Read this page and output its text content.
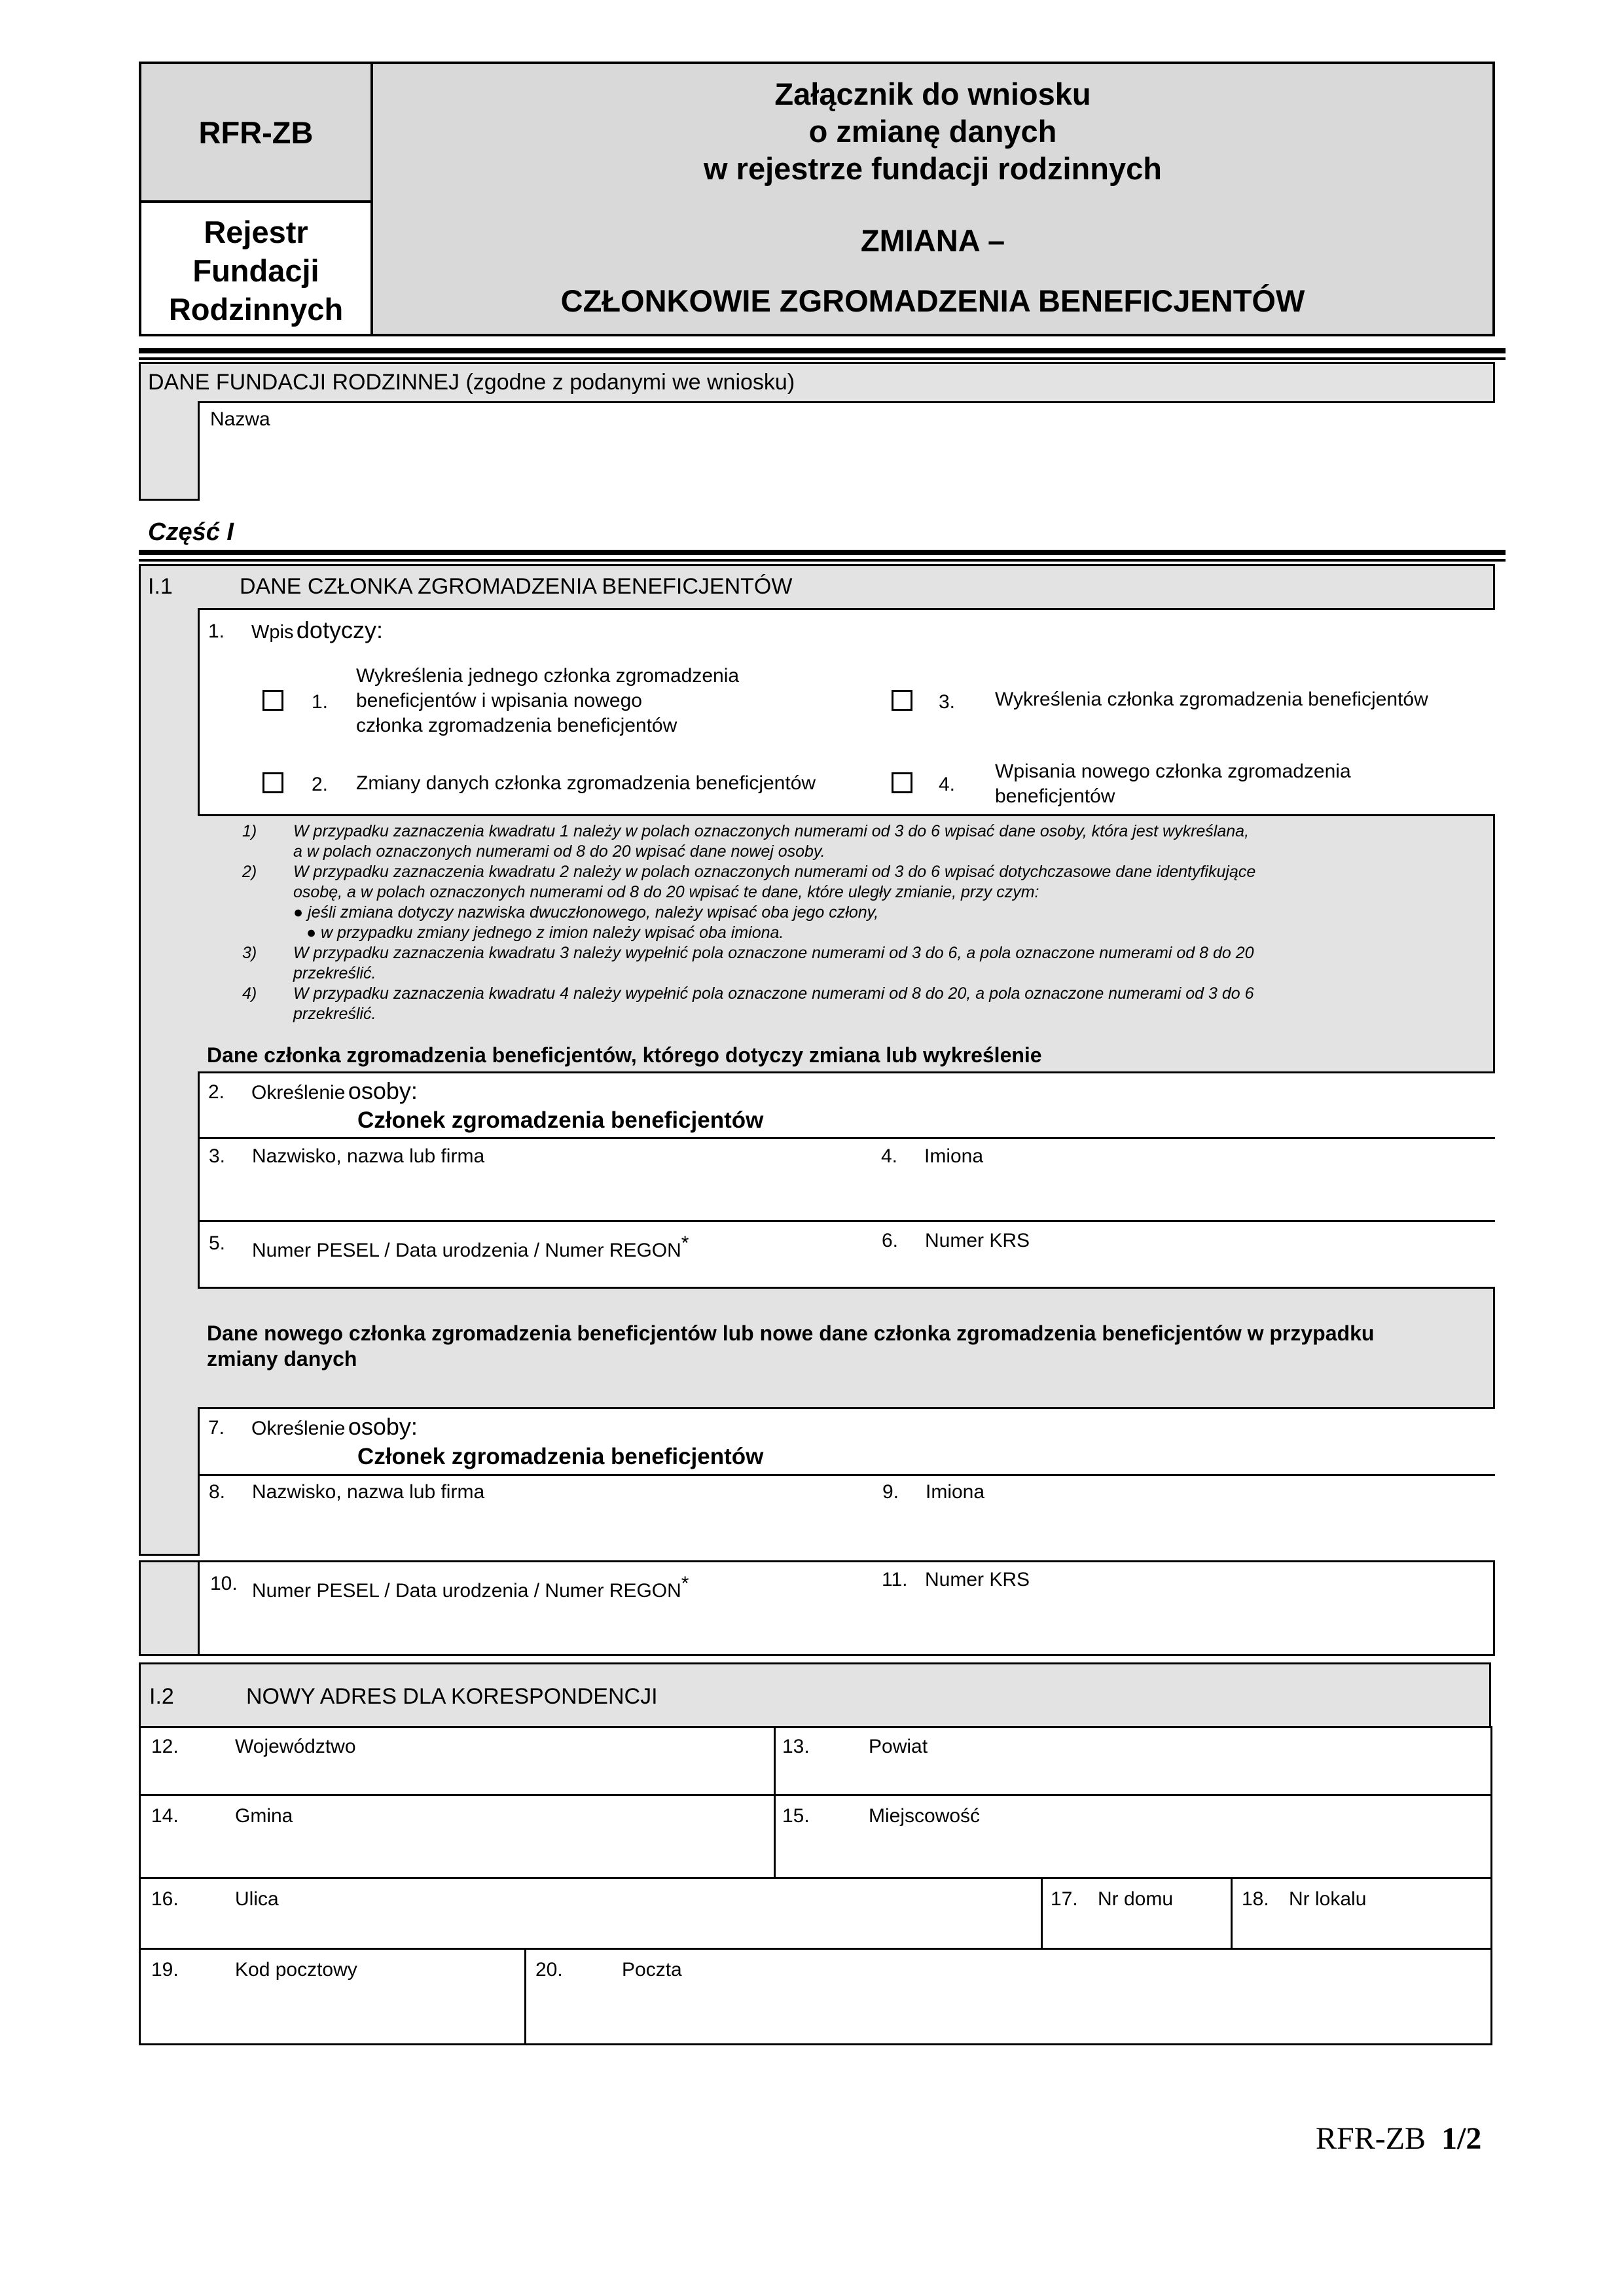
RFR-ZB
Rejestr
Fundacji
Rodzinnych
Załącznik do wniosku
o zmianę danych
w rejestrze fundacji rodzinnych
ZMIANA –
CZŁONKOWIE ZGROMADZENIA BENEFICJENTÓW
DANE FUNDACJI RODZINNEJ (zgodne z podanymi we wniosku)
Nazwa
Część I
I.1	DANE CZŁONKA ZGROMADZENIA BENEFICJENTÓW
1. Wpis dotyczy:
1.
Wykreślenia jednego członka zgromadzenia
beneficjentów i wpisania nowego
członka zgromadzenia beneficjentów
2. Zmiany danych członka zgromadzenia beneficjentów
3. Wykreślenia członka zgromadzenia beneficjentów
4.
Wpisania nowego członka zgromadzenia
beneficjentów
1) W przypadku zaznaczenia kwadratu 1 należy w polach oznaczonych numerami od 3 do 6 wpisać dane osoby, która jest wykreślana,
a w polach oznaczonych numerami od 8 do 20 wpisać dane nowej osoby.
2) W przypadku zaznaczenia kwadratu 2 należy w polach oznaczonych numerami od 3 do 6 wpisać dotychczasowe dane identyfikujące
osobę, a w polach oznaczonych numerami od 8 do 20 wpisać te dane, które uległy zmianie, przy czym:
● jeśli zmiana dotyczy nazwiska dwuczłonowego, należy wpisać oba jego człony,
● w przypadku zmiany jednego z imion należy wpisać oba imiona.
3) W przypadku zaznaczenia kwadratu 3 należy wypełnić pola oznaczone numerami od 3 do 6, a pola oznaczone numerami od 8 do 20
przekreślić.
4) W przypadku zaznaczenia kwadratu 4 należy wypełnić pola oznaczone numerami od 8 do 20, a pola oznaczone numerami od 3 do 6
przekreślić.
Dane członka zgromadzenia beneficjentów, którego dotyczy zmiana lub wykreślenie
2. Określenie osoby:
Członek zgromadzenia beneficjentów
3. Nazwisko, nazwa lub firma	4. Imiona
5. Numer PESEL / Data urodzenia / Numer REGON*	6. Numer KRS
Dane nowego członka zgromadzenia beneficjentów lub nowe dane członka zgromadzenia beneficjentów w przypadku
zmiany danych
7. Określenie osoby:
Członek zgromadzenia beneficjentów
8. Nazwisko, nazwa lub firma	9. Imiona
10. Numer PESEL / Data urodzenia / Numer REGON*	11. Numer KRS
I.2	NOWY ADRES DLA KORESPONDENCJI
12.	Województwo	13.	Powiat
14.	Gmina	15.	Miejscowość
16.	Ulica	17. Nr domu	18. Nr lokalu
19.	Kod pocztowy	20.	Poczta
RFR-ZB 1/2
